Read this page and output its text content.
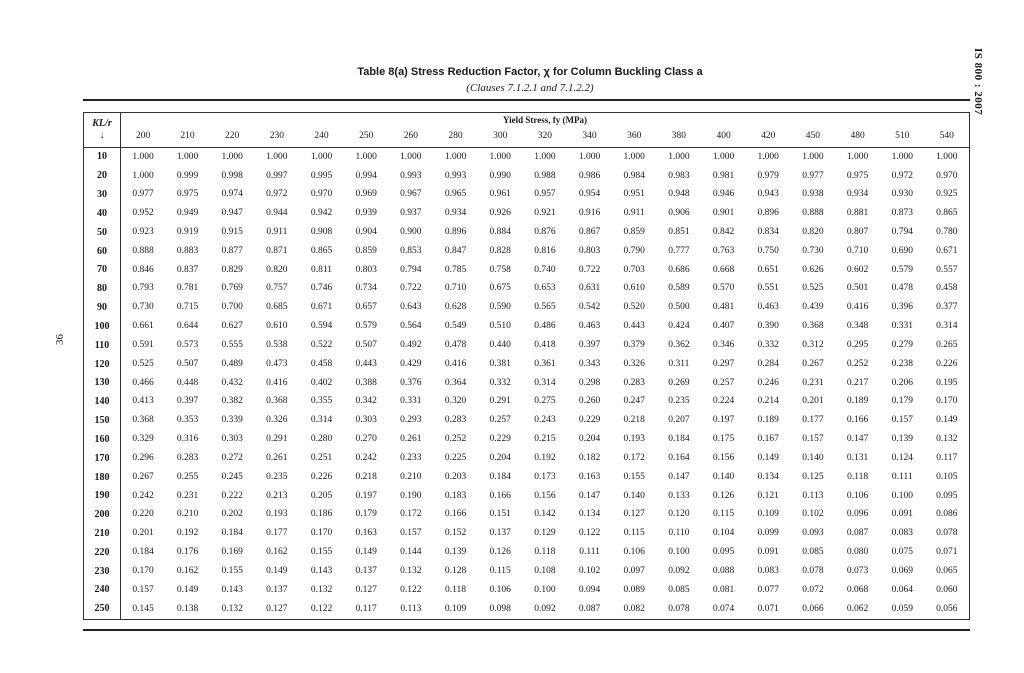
IS 800 : 2007
36
Table 8(a) Stress Reduction Factor, χ for Column Buckling Class a
(Clauses 7.1.2.1 and 7.1.2.2)
KL/r
↓	Yield Stress, fy (MPa)																		
	200	210	220	230	240	250	260	280	300	320	340	360	380	400	420	450	480	510	540
10	1.000	1.000	1.000	1.000	1.000	1.000	1.000	1.000	1.000	1.000	1.000	1.000	1.000	1.000	1.000	1.000	1.000	1.000	1.000
20	1.000	0.999	0.998	0.997	0.995	0.994	0.993	0.993	0.990	0.988	0.986	0.984	0.983	0.981	0.979	0.977	0.975	0.972	0.970
30	0.977	0.975	0.974	0.972	0.970	0.969	0.967	0.965	0.961	0.957	0.954	0.951	0.948	0.946	0.943	0.938	0.934	0.930	0.925
40	0.952	0.949	0.947	0.944	0.942	0.939	0.937	0.934	0.926	0.921	0.916	0.911	0.906	0.901	0.896	0.888	0.881	0.873	0.865
50	0.923	0.919	0.915	0.911	0.908	0.904	0.900	0.896	0.884	0.876	0.867	0.859	0.851	0.842	0.834	0.820	0.807	0.794	0.780
60	0.888	0.883	0.877	0.871	0.865	0.859	0.853	0.847	0.828	0.816	0.803	0.790	0.777	0.763	0.750	0.730	0.710	0.690	0.671
70	0.846	0.837	0.829	0.820	0.811	0.803	0.794	0.785	0.758	0.740	0.722	0.703	0.686	0.668	0.651	0.626	0.602	0.579	0.557
80	0.793	0.781	0.769	0.757	0.746	0.734	0.722	0.710	0.675	0.653	0.631	0.610	0.589	0.570	0.551	0.525	0.501	0.478	0.458
90	0.730	0.715	0.700	0.685	0.671	0.657	0.643	0.628	0.590	0.565	0.542	0.520	0.500	0.481	0.463	0.439	0.416	0.396	0.377
100	0.661	0.644	0.627	0.610	0.594	0.579	0.564	0.549	0.510	0.486	0.463	0.443	0.424	0.407	0.390	0.368	0.348	0.331	0.314
110	0.591	0.573	0.555	0.538	0.522	0.507	0.492	0.478	0.440	0.418	0.397	0.379	0.362	0.346	0.332	0.312	0.295	0.279	0.265
120	0.525	0.507	0.489	0.473	0.458	0.443	0.429	0.416	0.381	0.361	0.343	0.326	0.311	0.297	0.284	0.267	0.252	0.238	0.226
130	0.466	0.448	0.432	0.416	0.402	0.388	0.376	0.364	0.332	0.314	0.298	0.283	0.269	0.257	0.246	0.231	0.217	0.206	0.195
140	0.413	0.397	0.382	0.368	0.355	0.342	0.331	0.320	0.291	0.275	0.260	0.247	0.235	0.224	0.214	0.201	0.189	0.179	0.170
150	0.368	0.353	0.339	0.326	0.314	0.303	0.293	0.283	0.257	0.243	0.229	0.218	0.207	0.197	0.189	0.177	0.166	0.157	0.149
160	0.329	0.316	0.303	0.291	0.280	0.270	0.261	0.252	0.229	0.215	0.204	0.193	0.184	0.175	0.167	0.157	0.147	0.139	0.132
170	0.296	0.283	0.272	0.261	0.251	0.242	0.233	0.225	0.204	0.192	0.182	0.172	0.164	0.156	0.149	0.140	0.131	0.124	0.117
180	0.267	0.255	0.245	0.235	0.226	0.218	0.210	0.203	0.184	0.173	0.163	0.155	0.147	0.140	0.134	0.125	0.118	0.111	0.105
190	0.242	0.231	0.222	0.213	0.205	0.197	0.190	0.183	0.166	0.156	0.147	0.140	0.133	0.126	0.121	0.113	0.106	0.100	0.095
200	0.220	0.210	0.202	0.193	0.186	0.179	0.172	0.166	0.151	0.142	0.134	0.127	0.120	0.115	0.109	0.102	0.096	0.091	0.086
210	0.201	0.192	0.184	0.177	0.170	0.163	0.157	0.152	0.137	0.129	0.122	0.115	0.110	0.104	0.099	0.093	0.087	0.083	0.078
220	0.184	0.176	0.169	0.162	0.155	0.149	0.144	0.139	0.126	0.118	0.111	0.106	0.100	0.095	0.091	0.085	0.080	0.075	0.071
230	0.170	0.162	0.155	0.149	0.143	0.137	0.132	0.128	0.115	0.108	0.102	0.097	0.092	0.088	0.083	0.078	0.073	0.069	0.065
240	0.157	0.149	0.143	0.137	0.132	0.127	0.122	0.118	0.106	0.100	0.094	0.089	0.085	0.081	0.077	0.072	0.068	0.064	0.060
250	0.145	0.138	0.132	0.127	0.122	0.117	0.113	0.109	0.098	0.092	0.087	0.082	0.078	0.074	0.071	0.066	0.062	0.059	0.056
